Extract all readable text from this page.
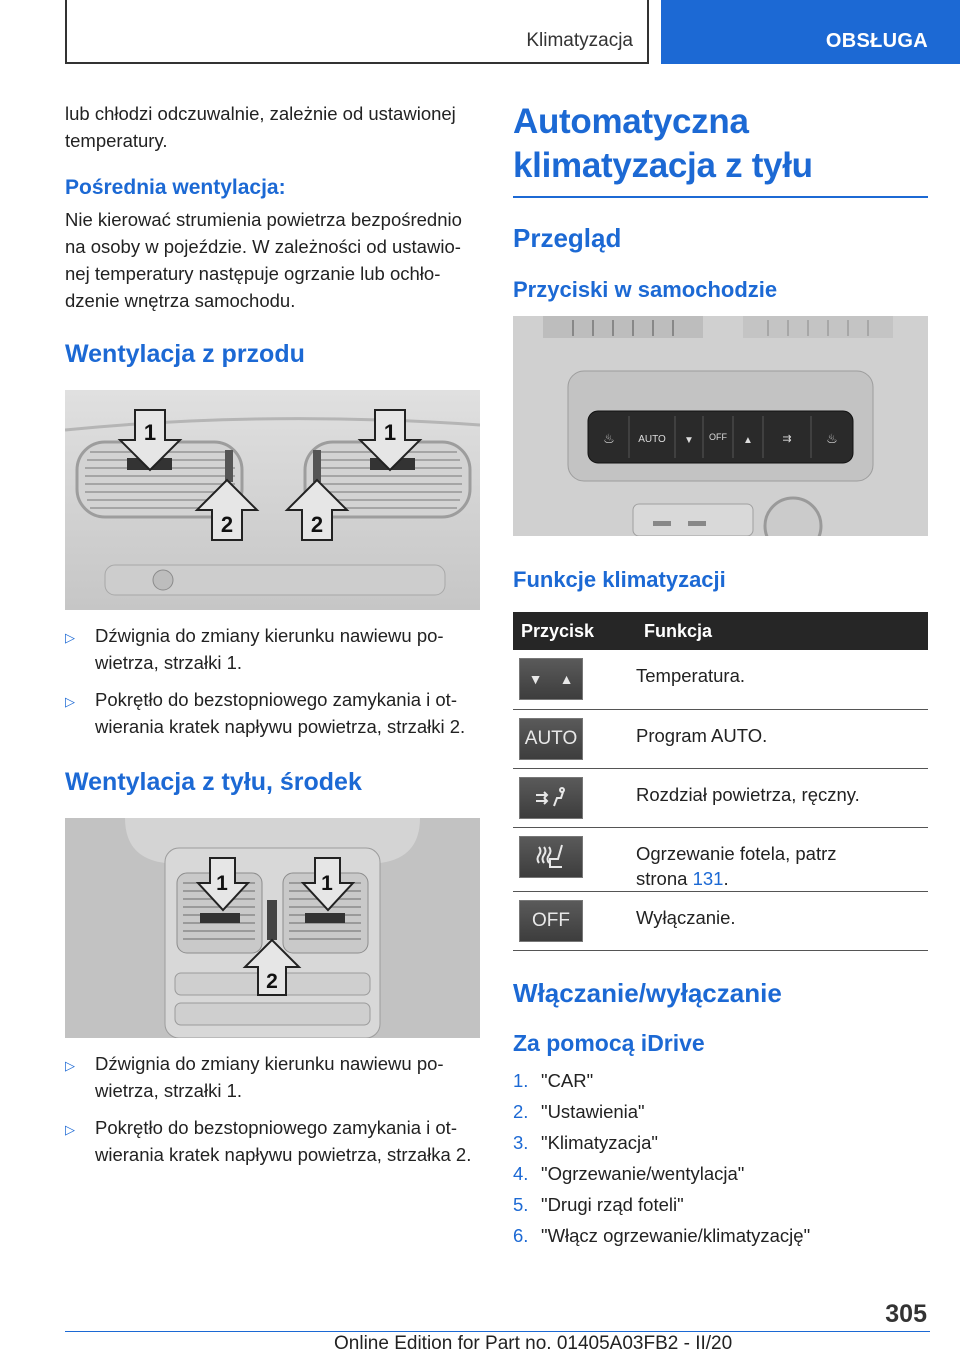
Klimatyzacja	OBSŁUGA

lub chłodzi odczuwalnie, zależnie od ustawionej temperatury.

Pośrednia wentylacja:

Nie kierować strumienia powietrza bezpośrednio na osoby w pojeździe. W zależności od ustawio-nej temperatury następuje ogrzanie lub ochło-dzenie wnętrza samochodu.

Wentylacja z przodu
1	1
2	2
▷	Dźwignia do zmiany kierunku nawiewu po-wietrza, strzałki 1.
▷	Pokrętło do bezstopniowego zamykania i ot-wierania kratek napływu powietrza, strzałki 2.
Wentylacja z tyłu, środek
1	1
2
▷	Dźwignia do zmiany kierunku nawiewu po-wietrza, strzałki 1.
▷	Pokrętło do bezstopniowego zamykania i ot-wierania kratek napływu powietrza, strzałka 2.
Automatyczna klimatyzacja z tyłu
Przegląd
Przyciski w samochodzie
AUTO	OFF
▼	▲
♨	♨
⇉
Funkcje klimatyzacji
Przycisk	Funkcja

▼ ▲	Temperatura.

AUTO	Program AUTO.

	Rozdział powietrza, ręczny.

	Ogrzewanie fotela, patrz
strona 131.

OFF	Wyłączanie.
Włączanie/wyłączanie
Za pomocą iDrive
1. "CAR"
2. "Ustawienia"
3. "Klimatyzacja"
4. "Ogrzewanie/wentylacja"
5. "Drugi rząd foteli"
6. "Włącz ogrzewanie/klimatyzację"
305
Online Edition for Part no. 01405A03FB2 - II/20
